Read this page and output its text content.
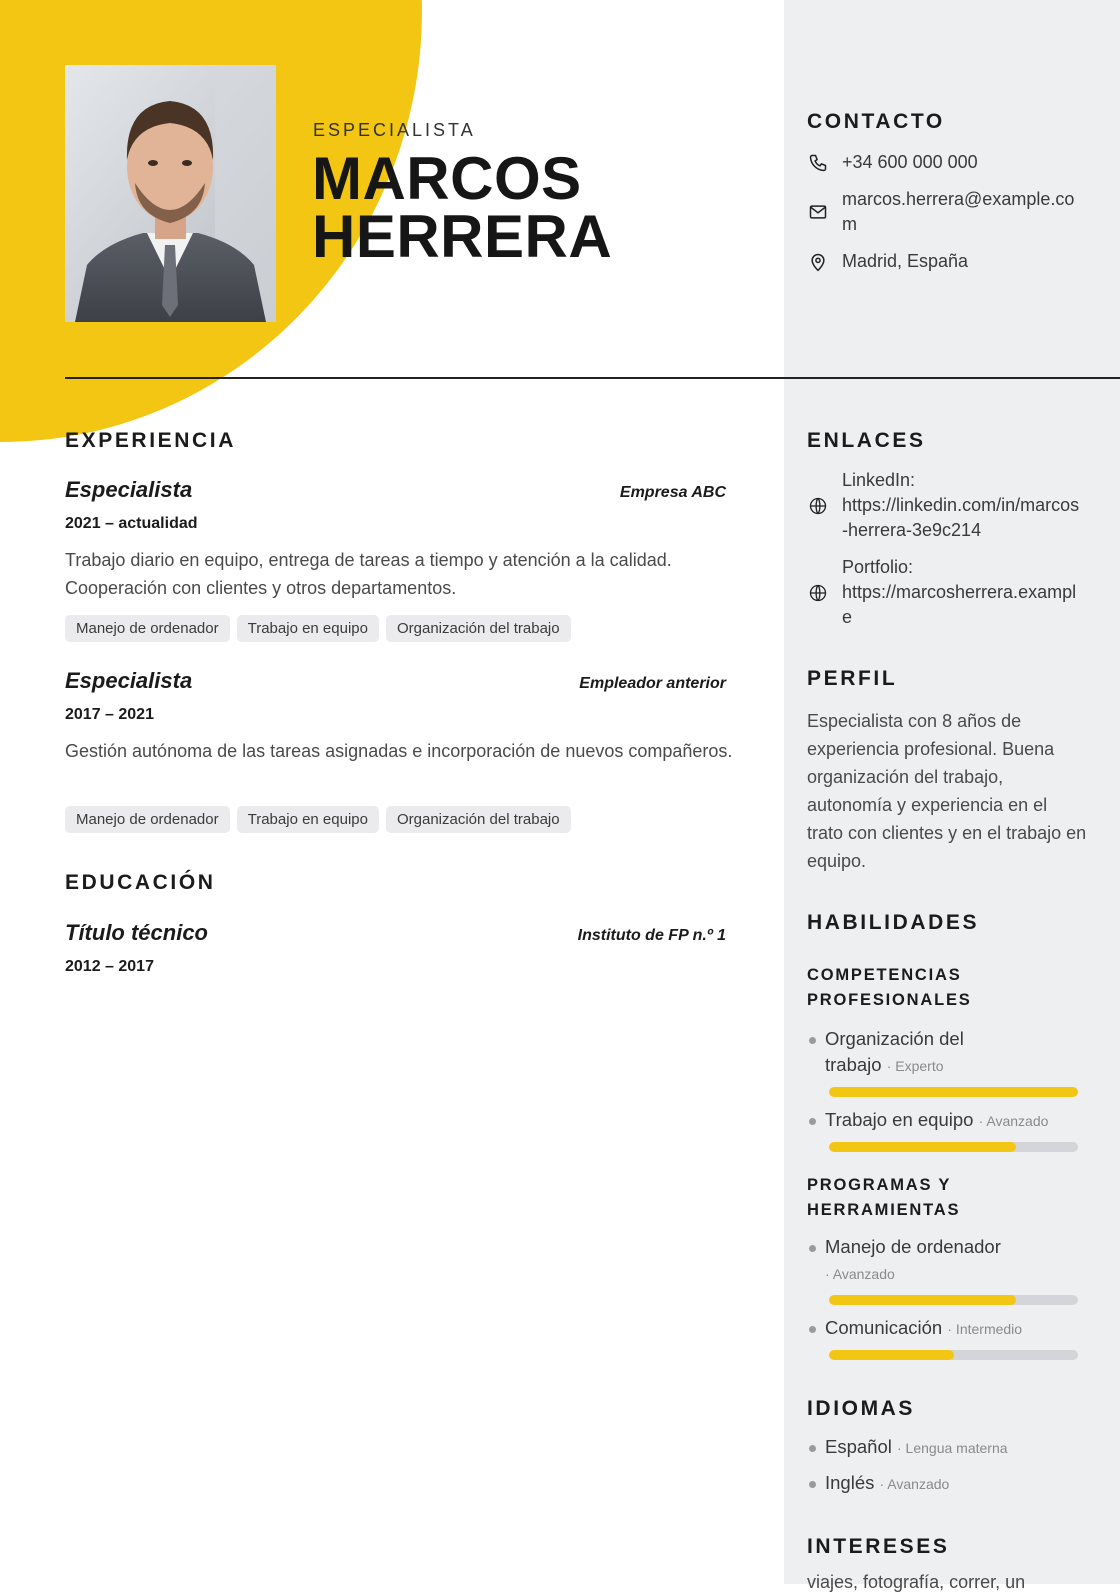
ESPECIALISTA
MARCOS
HERRERA
EXPERIENCIA
Especialista	Empresa ABC
2021 – actualidad
Trabajo diario en equipo, entrega de tareas a tiempo y atención a la calidad. Cooperación con clientes y otros departamentos.
Manejo de ordenador	Trabajo en equipo	Organización del trabajo
Especialista	Empleador anterior
2017 – 2021
Gestión autónoma de las tareas asignadas e incorporación de nuevos compañeros.
Manejo de ordenador	Trabajo en equipo	Organización del trabajo
EDUCACIÓN
Título técnico	Instituto de FP n.º 1
2012 – 2017
CONTACTO
+34 600 000 000
marcos.herrera@example.com
Madrid, España
ENLACES
LinkedIn:
https://linkedin.com/in/marcos-herrera-3e9c214
Portfolio:
https://marcosherrera.example
PERFIL
Especialista con 8 años de experiencia profesional. Buena organización del trabajo, autonomía y experiencia en el trato con clientes y en el trabajo en equipo.
HABILIDADES
COMPETENCIAS PROFESIONALES
Organización del trabajo · Experto
Trabajo en equipo · Avanzado
PROGRAMAS Y HERRAMIENTAS
Manejo de ordenador · Avanzado
Comunicación · Intermedio
IDIOMAS
Español · Lengua materna
Inglés · Avanzado
INTERESES
viajes, fotografía, correr, un
